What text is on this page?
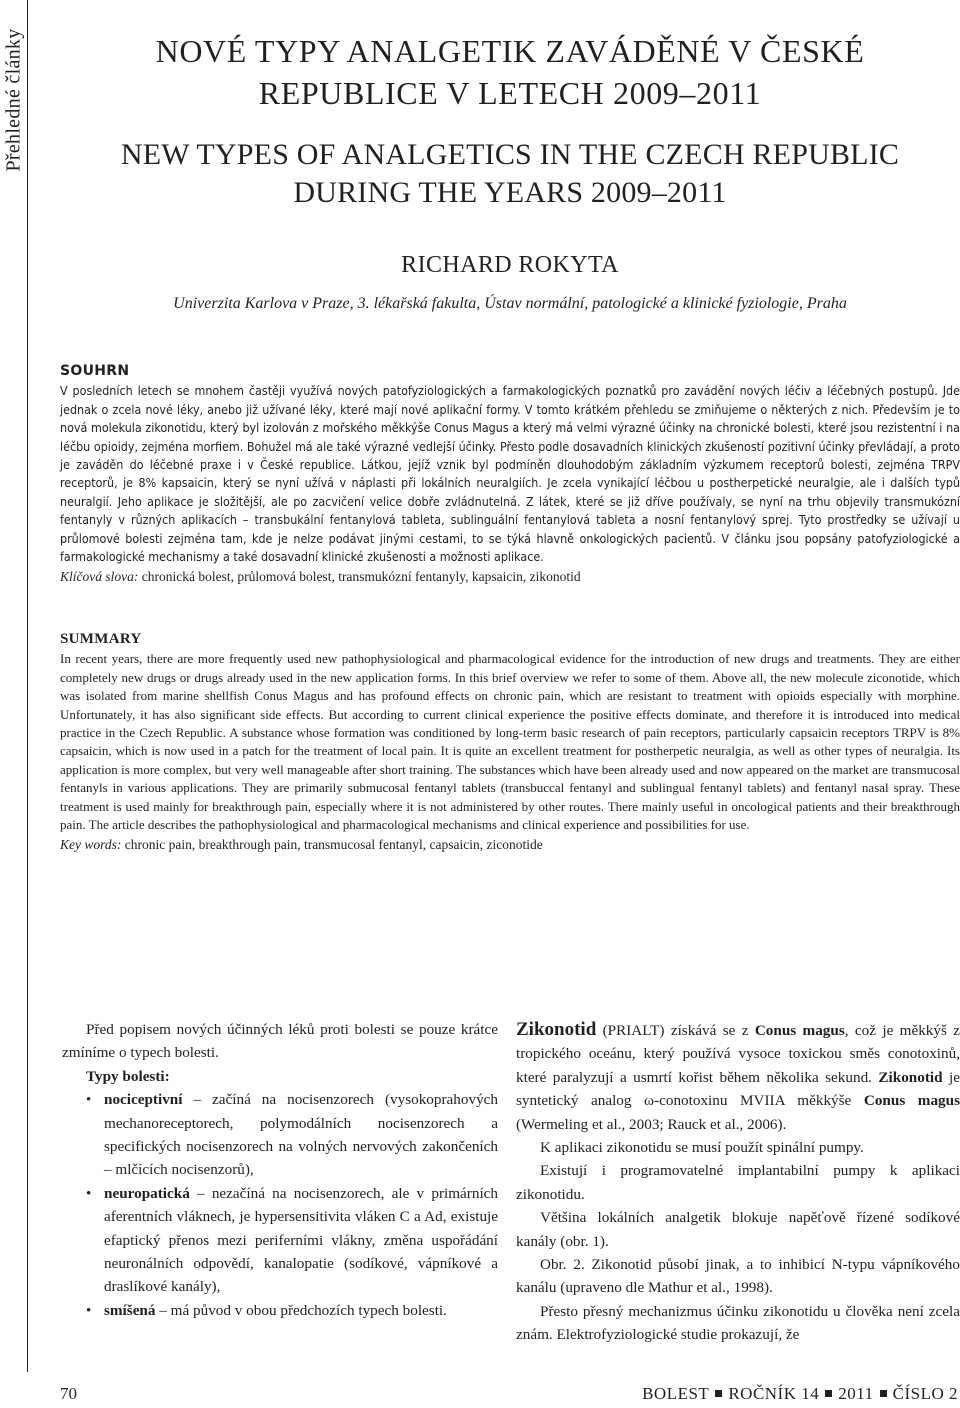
Přehledné články	NOVÉ TYPY ANALGETIK ZAVÁDĚNÉ V ČESKÉ REPUBLICE V LETECH 2009–2011
NEW TYPES OF ANALGETICS IN THE CZECH REPUBLIC DURING THE YEARS 2009–2011
RICHARD ROKYTA
Univerzita Karlova v Praze, 3. lékařská fakulta, Ústav normální, patologické a klinické fyziologie, Praha
SOUHRN

V posledních letech se mnohem častěji využívá nových patofyziologických a farmakologických poznatků pro zavádění nových léčiv a léčebných postupů. Jde jednak o zcela nové léky, anebo již užívané léky, které mají nové aplikační formy. V tomto krátkém přehledu se zmiňujeme o některých z nich. Především je to nová molekula zikonotidu, který byl izolován z mořského měkkýše Conus Magus a který má velmi výrazné účinky na chronické bolesti, které jsou rezistentní i na léčbu opioidy, zejména morfiem. Bohužel má ale také výrazné vedlejší účinky. Přesto podle dosavadních klinických zkušeností pozitivní účinky převládají, a proto je zaváděn do léčebné praxe i v České republice. Látkou, jejíž vznik byl podmíněn dlouhodobým základním výzkumem receptorů bolesti, zejména TRPV receptorů, je 8% kapsaicin, který se nyní užívá v náplasti při lokálních neuralgiích. Je zcela vynikající léčbou u postherpetické neuralgie, ale i dalších typů neuralgií. Jeho aplikace je složitější, ale po zacvičení velice dobře zvládnutelná. Z látek, které se již dříve používaly, se nyní na trhu objevily transmukózní fentanyly v různých aplikacích – transbukální fentanylová tableta, sublinguální fentanylová tableta a nosní fentanylový sprej. Tyto prostředky se užívají u průlomové bolesti zejména tam, kde je nelze podávat jinými cestami, to se týká hlavně onkologických pacientů. V článku jsou popsány patofyziologické a farmakologické mechanismy a také dosavadní klinické zkušenosti a možnosti aplikace.

Klíčová slova: chronická bolest, průlomová bolest, transmukózní fentanyly, kapsaicin, zikonotid
SUMMARY

In recent years, there are more frequently used new pathophysiological and pharmacological evidence for the introduction of new drugs and treatments. They are either completely new drugs or drugs already used in the new application forms. In this brief overview we refer to some of them. Above all, the new molecule ziconotide, which was isolated from marine shellfish Conus Magus and has profound effects on chronic pain, which are resistant to treatment with opioids especially with morphine. Unfortunately, it has also significant side effects. But according to current clinical experience the positive effects dominate, and therefore it is introduced into medical practice in the Czech Republic. A substance whose formation was conditioned by long-term basic research of pain receptors, particularly capsaicin receptors TRPV is 8% capsaicin, which is now used in a patch for the treatment of local pain. It is quite an excellent treatment for postherpetic neuralgia, as well as other types of neuralgia. Its application is more complex, but very well manageable after short training. The substances which have been already used and now appeared on the market are transmucosal fentanyls in various applications. They are primarily submucosal fentanyl tablets (transbuccal fentanyl and sublingual fentanyl tablets) and fentanyl nasal spray. These treatment is used mainly for breakthrough pain, especially where it is not administered by other routes. There mainly useful in oncological patients and their breakthrough pain. The article describes the pathophysiological and pharmacological mechanisms and clinical experience and possibilities for use.

Key words: chronic pain, breakthrough pain, transmucosal fentanyl, capsaicin, ziconotide

Před popisem nových účinných léků proti bolesti se pouze krátce zmíníme o typech bolesti.

Typy bolesti:
• nociceptivní – začíná na nocisenzorech (vysokoprahových mechanoreceptorech, polymodálních nocisenzorech a specifických nocisenzorech na volných nervových zakončeních – mlčících nocisenzorů),
• neuropatická – nezačíná na nocisenzorech, ale v primárních aferentních vláknech, je hypersensitivita vláken C a Ad, existuje efaptický přenos mezi periferními vlákny, změna uspořádání neuronálních odpovědí, kanalopatie (sodíkové, vápníkové a draslíkové kanály),
• smíšená – má původ v obou předchozích typech bolesti.

Zikonotid (PRIALT) získává se z Conus magus, což je měkkýš z tropického oceánu, který používá vysoce toxickou směs conotoxinů, které paralyzují a usmrtí kořist během několika sekund. Zikonotid je syntetický analog ω-conotoxinu MVIIA měkkýše Conus magus (Wermeling et al., 2003; Rauck et al., 2006).

K aplikaci zikonotidu se musí použít spinální pumpy.

Existují i programovatelné implantabilní pumpy k aplikaci zikonotidu.

Většina lokálních analgetik blokuje napěťově řízené sodíkové kanály (obr. 1).

Obr. 2. Zikonotid působí jinak, a to inhibicí N-typu vápníkového kanálu (upraveno dle Mathur et al., 1998).

Přesto přesný mechanizmus účinku zikonotidu u člověka není zcela znám. Elektrofyziologické studie prokazují, že

70	BOLEST ROČNÍK 14 2011 ČÍSLO 2
